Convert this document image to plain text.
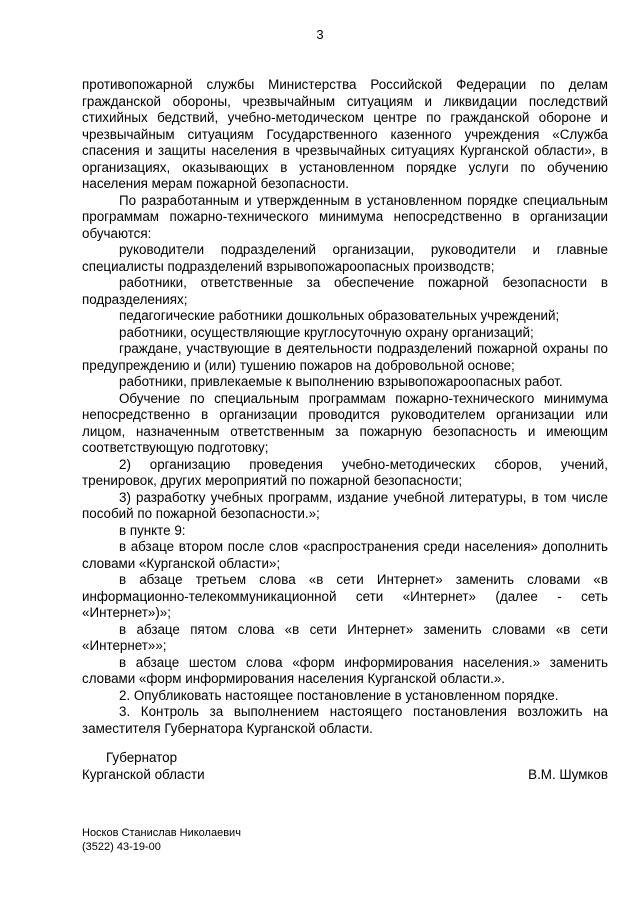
3

противопожарной службы Министерства Российской Федерации по делам гражданской обороны, чрезвычайным ситуациям и ликвидации последствий стихийных бедствий, учебно-методическом центре по гражданской обороне и чрезвычайным ситуациям Государственного казенного учреждения «Служба спасения и защиты населения в чрезвычайных ситуациях Курганской области», в организациях, оказывающих в установленном порядке услуги по обучению населения мерам пожарной безопасности.

По разработанным и утвержденным в установленном порядке специальным программам пожарно-технического минимума непосредственно в организации обучаются:

руководители подразделений организации, руководители и главные специалисты подразделений взрывопожароопасных производств;

работники, ответственные за обеспечение пожарной безопасности в подразделениях;

педагогические работники дошкольных образовательных учреждений;

работники, осуществляющие круглосуточную охрану организаций;

граждане, участвующие в деятельности подразделений пожарной охраны по предупреждению и (или) тушению пожаров на добровольной основе;

работники, привлекаемые к выполнению взрывопожароопасных работ.

Обучение по специальным программам пожарно-технического минимума непосредственно в организации проводится руководителем организации или лицом, назначенным ответственным за пожарную безопасность и имеющим соответствующую подготовку;

2) организацию проведения учебно-методических сборов, учений, тренировок, других мероприятий по пожарной безопасности;

3) разработку учебных программ, издание учебной литературы, в том числе пособий по пожарной безопасности.»;

в пункте 9:

в абзаце втором после слов «распространения среди населения» дополнить словами «Курганской области»;

в абзаце третьем слова «в сети Интернет» заменить словами «в информационно-телекоммуникационной сети «Интернет» (далее - сеть «Интернет»)»;

в абзаце пятом слова «в сети Интернет» заменить словами «в сети «Интернет»»;

в абзаце шестом слова «форм информирования населения.» заменить словами «форм информирования населения Курганской области.».

2. Опубликовать настоящее постановление в установленном порядке.

3. Контроль за выполнением настоящего постановления возложить на заместителя Губернатора Курганской области.

Губернатор
Курганской области	В.М. Шумков
Носков Станислав Николаевич
(3522) 43-19-00
